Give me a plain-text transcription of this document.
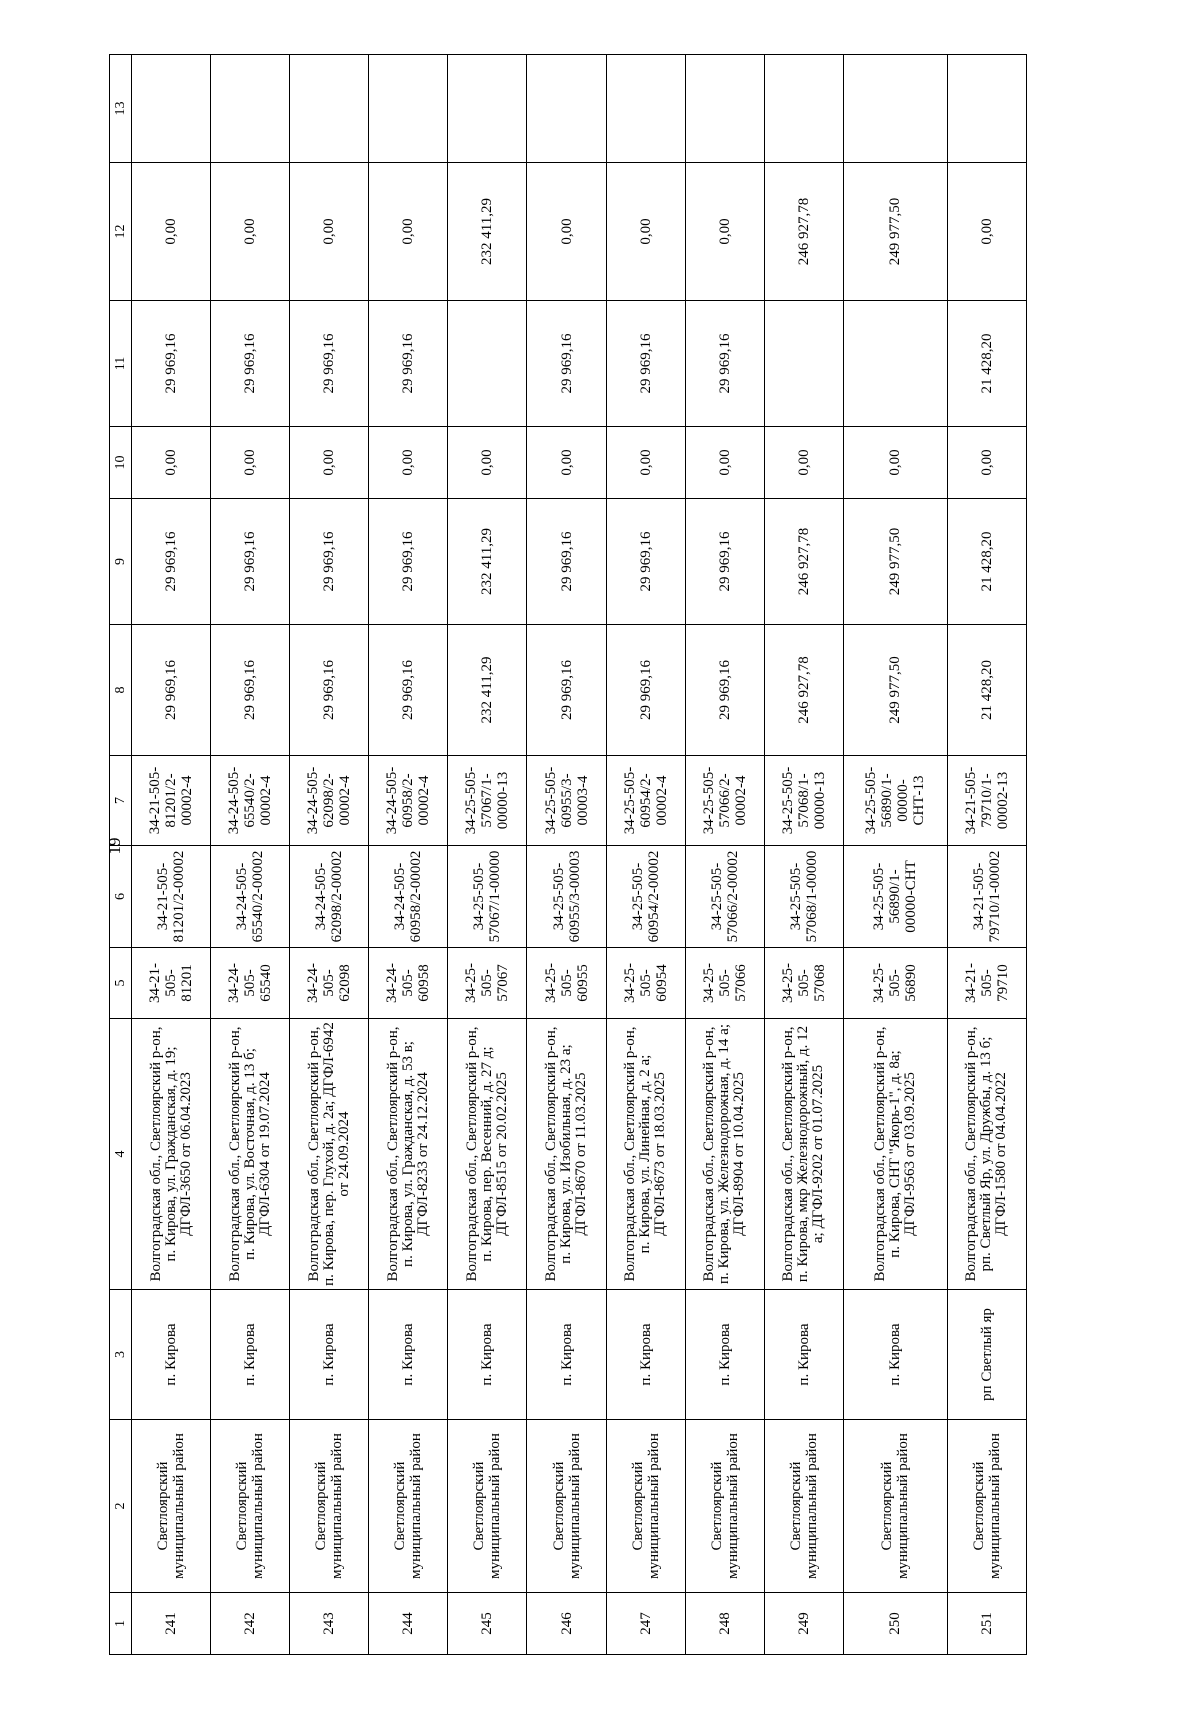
19
1	2	3	4	5	6	7	8	9	10	11	12	13
241	Светлоярский муниципальный район	п. Кирова	Волгоградская обл., Светлоярский р-он, п. Кирова, ул. Гражданская, д. 19; ДГФЛ-3650 от 06.04.2023	34-21-505-81201	34-21-505-81201/2-00002	34-21-505-81201/2-00002-4	29 969,16	29 969,16	0,00	29 969,16	0,00	
242	Светлоярский муниципальный район	п. Кирова	Волгоградская обл., Светлоярский р-он, п. Кирова, ул. Восточная, д. 13 б; ДГФЛ-6304 от 19.07.2024	34-24-505-65540	34-24-505-65540/2-00002	34-24-505-65540/2-00002-4	29 969,16	29 969,16	0,00	29 969,16	0,00	
243	Светлоярский муниципальный район	п. Кирова	Волгоградская обл., Светлоярский р-он, п. Кирова, пер. Глухой, д. 2а; ДГФЛ-6942 от 24.09.2024	34-24-505-62098	34-24-505-62098/2-00002	34-24-505-62098/2-00002-4	29 969,16	29 969,16	0,00	29 969,16	0,00	
244	Светлоярский муниципальный район	п. Кирова	Волгоградская обл., Светлоярский р-он, п. Кирова, ул. Гражданская, д. 53 в; ДГФЛ-8233 от 24.12.2024	34-24-505-60958	34-24-505-60958/2-00002	34-24-505-60958/2-00002-4	29 969,16	29 969,16	0,00	29 969,16	0,00	
245	Светлоярский муниципальный район	п. Кирова	Волгоградская обл., Светлоярский р-он, п. Кирова, пер. Весенний, д. 27 д; ДГФЛ-8515 от 20.02.2025	34-25-505-57067	34-25-505-57067/1-00000	34-25-505-57067/1-00000-13	232 411,29	232 411,29	0,00		232 411,29	
246	Светлоярский муниципальный район	п. Кирова	Волгоградская обл., Светлоярский р-он, п. Кирова, ул. Изобильная, д. 23 а; ДГФЛ-8670 от 11.03.2025	34-25-505-60955	34-25-505-60955/3-00003	34-25-505-60955/3-00003-4	29 969,16	29 969,16	0,00	29 969,16	0,00	
247	Светлоярский муниципальный район	п. Кирова	Волгоградская обл., Светлоярский р-он, п. Кирова, ул. Линейная, д. 2 а; ДГФЛ-8673 от 18.03.2025	34-25-505-60954	34-25-505-60954/2-00002	34-25-505-60954/2-00002-4	29 969,16	29 969,16	0,00	29 969,16	0,00	
248	Светлоярский муниципальный район	п. Кирова	Волгоградская обл., Светлоярский р-он, п. Кирова, ул. Железнодорожная, д. 14 а; ДГФЛ-8904 от 10.04.2025	34-25-505-57066	34-25-505-57066/2-00002	34-25-505-57066/2-00002-4	29 969,16	29 969,16	0,00	29 969,16	0,00	
249	Светлоярский муниципальный район	п. Кирова	Волгоградская обл., Светлоярский р-он, п. Кирова, мкр Железнодорожный, д. 12 а; ДГФЛ-9202 от 01.07.2025	34-25-505-57068	34-25-505-57068/1-00000	34-25-505-57068/1-00000-13	246 927,78	246 927,78	0,00		246 927,78	
250	Светлоярский муниципальный район	п. Кирова	Волгоградская обл., Светлоярский р-он, п. Кирова, СНТ "Якорь-1", д. 8а; ДГФЛ-9563 от 03.09.2025	34-25-505-56890	34-25-505-56890/1-00000-СНТ	34-25-505-56890/1-00000-СНТ-13	249 977,50	249 977,50	0,00		249 977,50	
251	Светлоярский муниципальный район	рп Светлый яр	Волгоградская обл., Светлоярский р-он, рп. Светлый Яр, ул. Дружбы, д. 13 б; ДГФЛ-1580 от 04.04.2022	34-21-505-79710	34-21-505-79710/1-00002	34-21-505-79710/1-00002-13	21 428,20	21 428,20	0,00	21 428,20	0,00	
